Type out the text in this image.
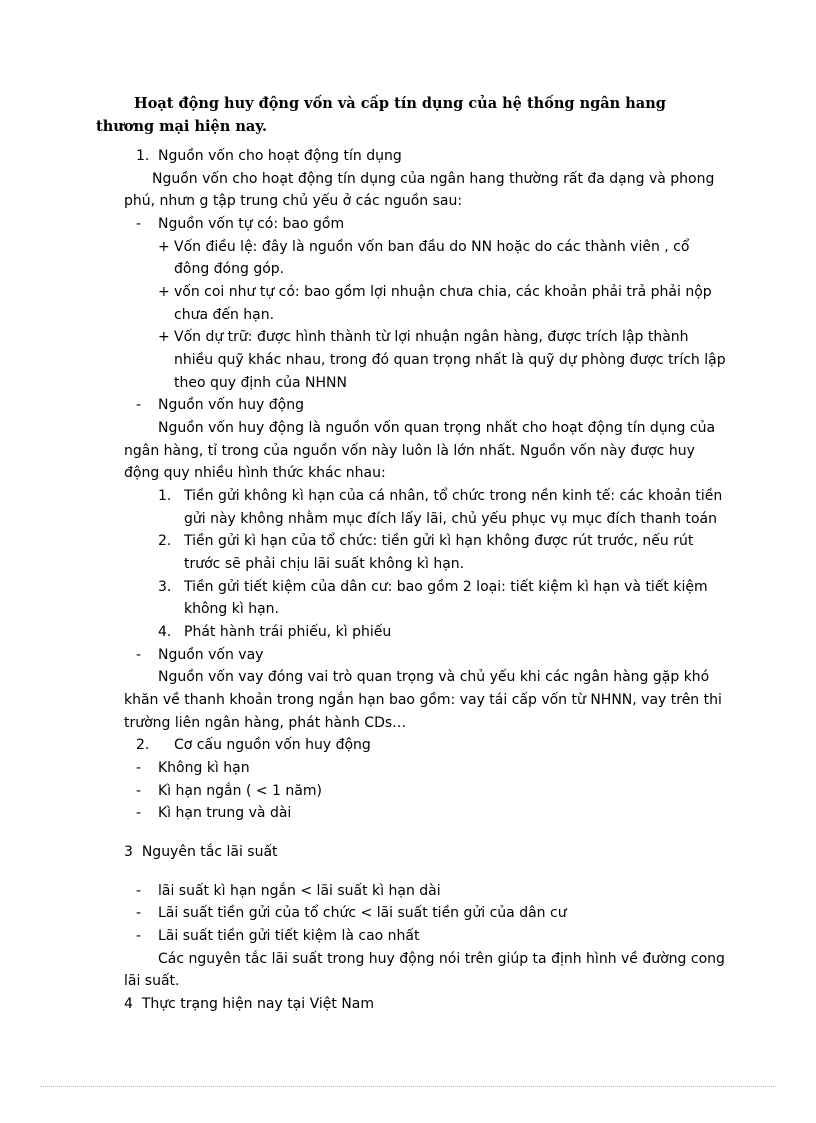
Hoạt động huy động vốn và cấp tín dụng của hệ thống ngân hang thương mại hiện nay.

1. Nguồn vốn cho hoạt động tín dụng

Nguồn vốn cho hoạt động tín dụng của ngân hang thường rất đa dạng và phong phú, nhưn g tập trung chủ yếu ở các nguồn sau:

- Nguồn vốn tự có: bao gồm

+ Vốn điều lệ: đây là nguồn vốn ban đầu do NN hoặc do các thành viên , cổ đông đóng góp.

+ vốn coi như tự có: bao gồm lợi nhuận chưa chia, các khoản phải trả phải nộp chưa đến hạn.

+ Vốn dự trữ: được hình thành từ lợi nhuận ngân hàng, được trích lập thành nhiều quỹ khác nhau, trong đó quan trọng nhất là quỹ dự phòng được trích lập theo quy định của NHNN

- Nguồn vốn huy động

Nguồn vốn huy động là nguồn vốn quan trọng nhất cho hoạt động tín dụng của ngân hàng, tỉ trong của nguồn vốn này luôn là lớn nhất. Nguồn vốn này được huy động quy nhiều hình thức khác nhau:

1. Tiền gửi không kì hạn của cá nhân, tổ chức trong nền kinh tế: các khoản tiền gửi này không nhằm mục đích lấy lãi, chủ yếu phục vụ mục đích thanh toán

2. Tiền gửi kì hạn của tổ chức: tiền gửi kì hạn không được rút trước, nếu rút trước sẽ phải chịu lãi suất không kì hạn.

3. Tiền gửi tiết kiệm của dân cư: bao gồm 2 loại: tiết kiệm kì hạn và tiết kiệm không kì hạn.

4. Phát hành trái phiếu, kì phiếu

- Nguồn vốn vay

Nguồn vốn vay đóng vai trò quan trọng và chủ yếu khi các ngân hàng gặp khó khăn về thanh khoản trong ngắn hạn bao gồm: vay tái cấp vốn từ NHNN, vay trên thi trường liên ngân hàng, phát hành CDs…

2. Cơ cấu nguồn vốn huy động

- Không kì hạn

- Kì hạn ngắn ( < 1 năm)

- Kì hạn trung và dài

3 Nguyên tắc lãi suất

- lãi suất kì hạn ngắn < lãi suất kì hạn dài

- Lãi suất tiền gửi của tổ chức < lãi suất tiền gửi của dân cư

- Lãi suất tiền gửi tiết kiệm là cao nhất

Các nguyên tắc lãi suất trong huy động nói trên giúp ta định hình về đường cong lãi suất.

4 Thực trạng hiện nay tại Việt Nam
